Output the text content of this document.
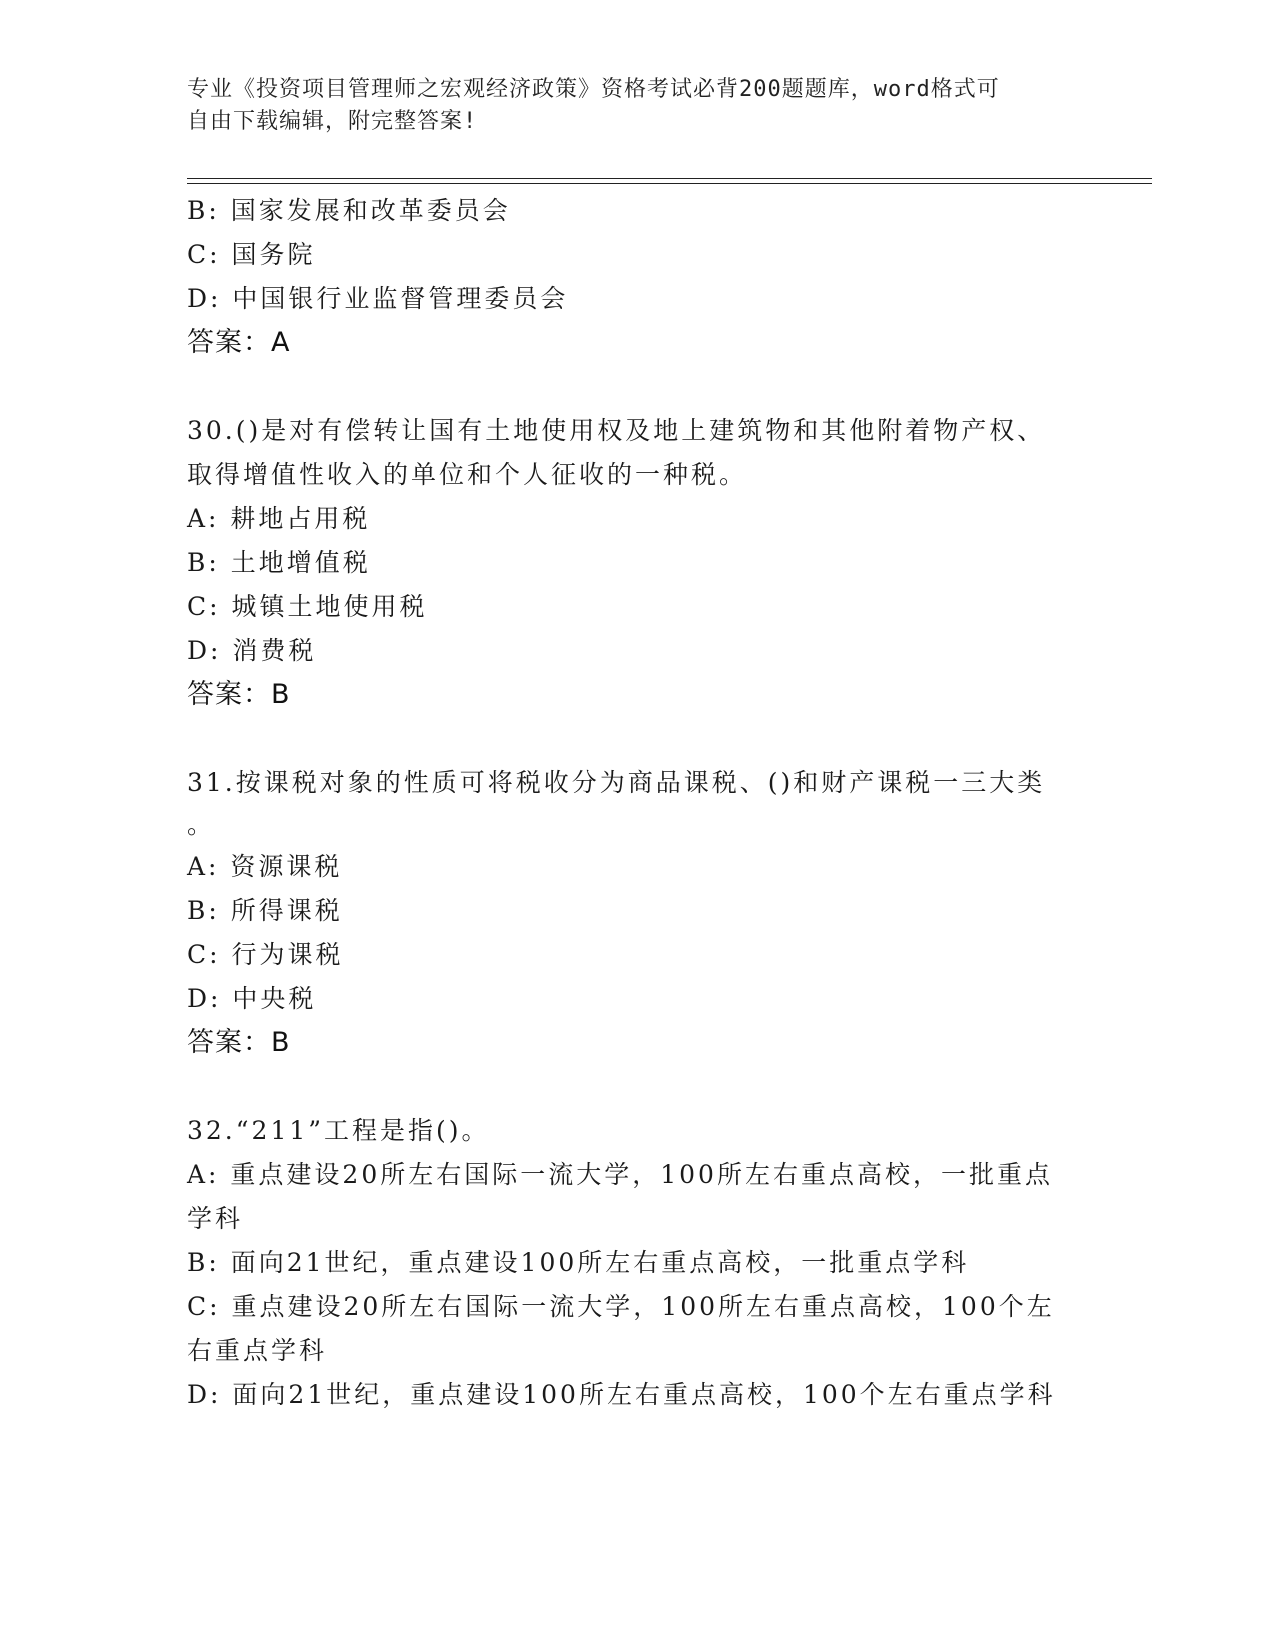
专业《投资项目管理师之宏观经济政策》资格考试必背200题题库，word格式可
自由下载编辑，附完整答案!
B: 国家发展和改革委员会
C: 国务院
D: 中国银行业监督管理委员会
答案：A
30.()是对有偿转让国有土地使用权及地上建筑物和其他附着物产权、
取得增值性收入的单位和个人征收的一种税。
A: 耕地占用税
B: 土地增值税
C: 城镇土地使用税
D: 消费税
答案：B
31.按课税对象的性质可将税收分为商品课税、()和财产课税一三大类
。
A: 资源课税
B: 所得课税
C: 行为课税
D: 中央税
答案：B
32.“211”工程是指()。
A: 重点建设20所左右国际一流大学，100所左右重点高校，一批重点
学科
B: 面向21世纪，重点建设100所左右重点高校，一批重点学科
C: 重点建设20所左右国际一流大学，100所左右重点高校，100个左
右重点学科
D: 面向21世纪，重点建设100所左右重点高校，100个左右重点学科
